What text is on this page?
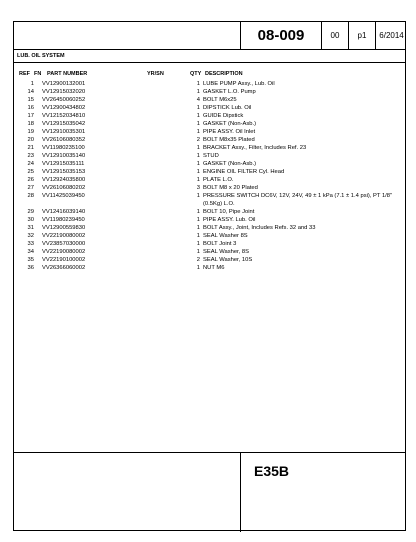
08-009	00 p1 6/2014
LUB. OIL SYSTEM
REF FN PART NUMBER	YR/SN	QTY DESCRIPTION
1 VV12900132001	1 LUBE PUMP Assy., Lub. Oil
14 VV12915032020	1 GASKET L.O. Pump
15 VV26450060252	4 BOLT M6x25
16 VV12900434802	1 DIPSTICK Lub. Oil
17 VV12152034810	1 GUIDE Dipstick
18 VV12915035042	1 GASKET (Non-Asb.)
19 VV12910035301	1 PIPE ASSY. Oil Inlet
20 VV26106080352	2 BOLT M8x35 Plated
21 VV11980235100	1 BRACKET Assy., Filter, Includes Ref. 23
23 VV12910035140	1 STUD
24 VV12915035111	1 GASKET (Non-Asb.)
25 VV12915035153	1 ENGINE OIL FILTER Cyl. Head
26 VV12924035800	1 PLATE L.O.
27 VV26106080202	3 BOLT M8 x 20 Plated
28 VV11425039450	1 PRESSURE SWITCH DC6V, 12V, 24V, 49 ± 1 kPa (7.1 ± 1.4 psi), PT 1/8" (0.5Kg) L.O.
29 VV12416039140	1 BOLT 10, Pipe Joint
30 VV11980239450	1 PIPE ASSY. Lub. Oil
31 VV12900559830	1 BOLT Assy., Joint, Includes Refs. 32 and 33
32 VV22190080002	1 SEAL Washer 8S
33 VV23857030000	1 BOLT Joint 3
34 VV22190080002	1 SEAL Washer, 8S
35 VV22190100002	2 SEAL Washer, 10S
36 VV26366060002	1 NUT M6
E35B
